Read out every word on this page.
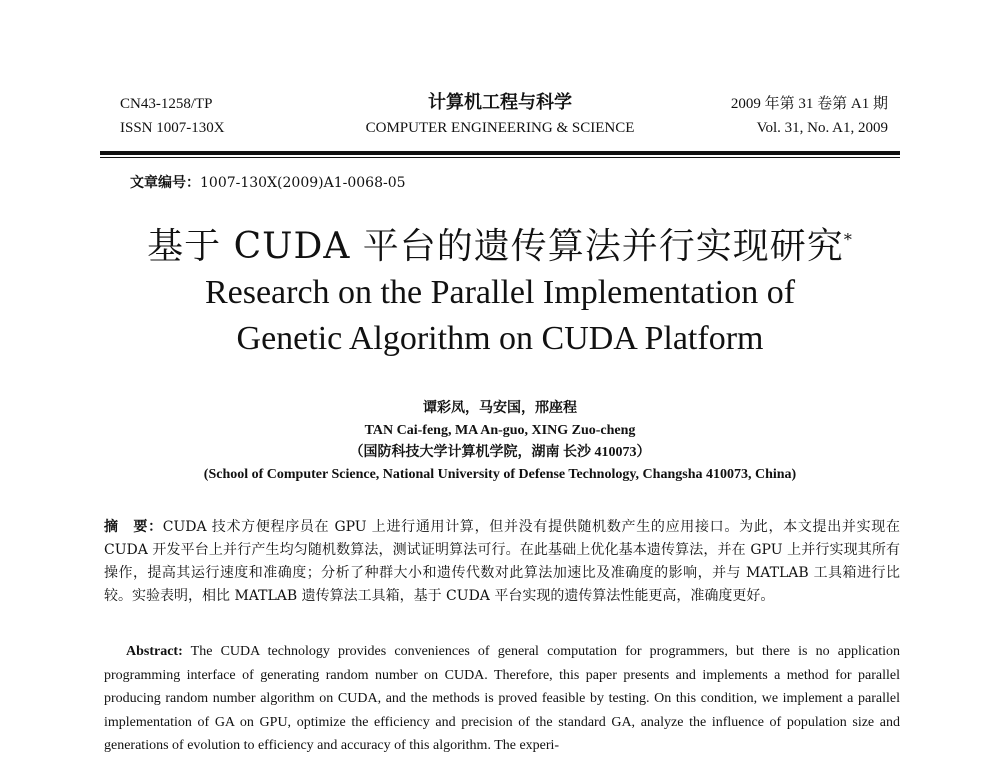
CN43-1258/TP
ISSN 1007-130X
计算机工程与科学
COMPUTER ENGINEERING & SCIENCE
2009 年第 31 卷第 A1 期
Vol. 31, No. A1, 2009
文章编号：1007-130X(2009)A1-0068-05
基于 CUDA 平台的遗传算法并行实现研究*
Research on the Parallel Implementation of
Genetic Algorithm on CUDA Platform
谭彩凤，马安国，邢座程
TAN Cai-feng, MA An-guo, XING Zuo-cheng
（国防科技大学计算机学院，湖南 长沙 410073）
(School of Computer Science, National University of Defense Technology, Changsha 410073, China)
摘　要：CUDA 技术方便程序员在 GPU 上进行通用计算，但并没有提供随机数产生的应用接口。为此，本文提出并实现在 CUDA 开发平台上并行产生均匀随机数算法，测试证明算法可行。在此基础上优化基本遗传算法，并在 GPU 上并行实现其所有操作，提高其运行速度和准确度；分析了种群大小和遗传代数对此算法加速比及准确度的影响，并与 MATLAB 工具箱进行比较。实验表明，相比 MATLAB 遗传算法工具箱，基于 CUDA 平台实现的遗传算法性能更高，准确度更好。
Abstract: The CUDA technology provides conveniences of general computation for programmers, but there is no application programming interface of generating random number on CUDA. Therefore, this paper presents and implements a method for parallel producing random number algorithm on CUDA, and the methods is proved feasible by testing. On this condition, we implement a parallel implementation of GA on GPU, optimize the efficiency and precision of the standard GA, analyze the influence of population size and generations of evolution to efficiency and accuracy of this algorithm. The experi-
